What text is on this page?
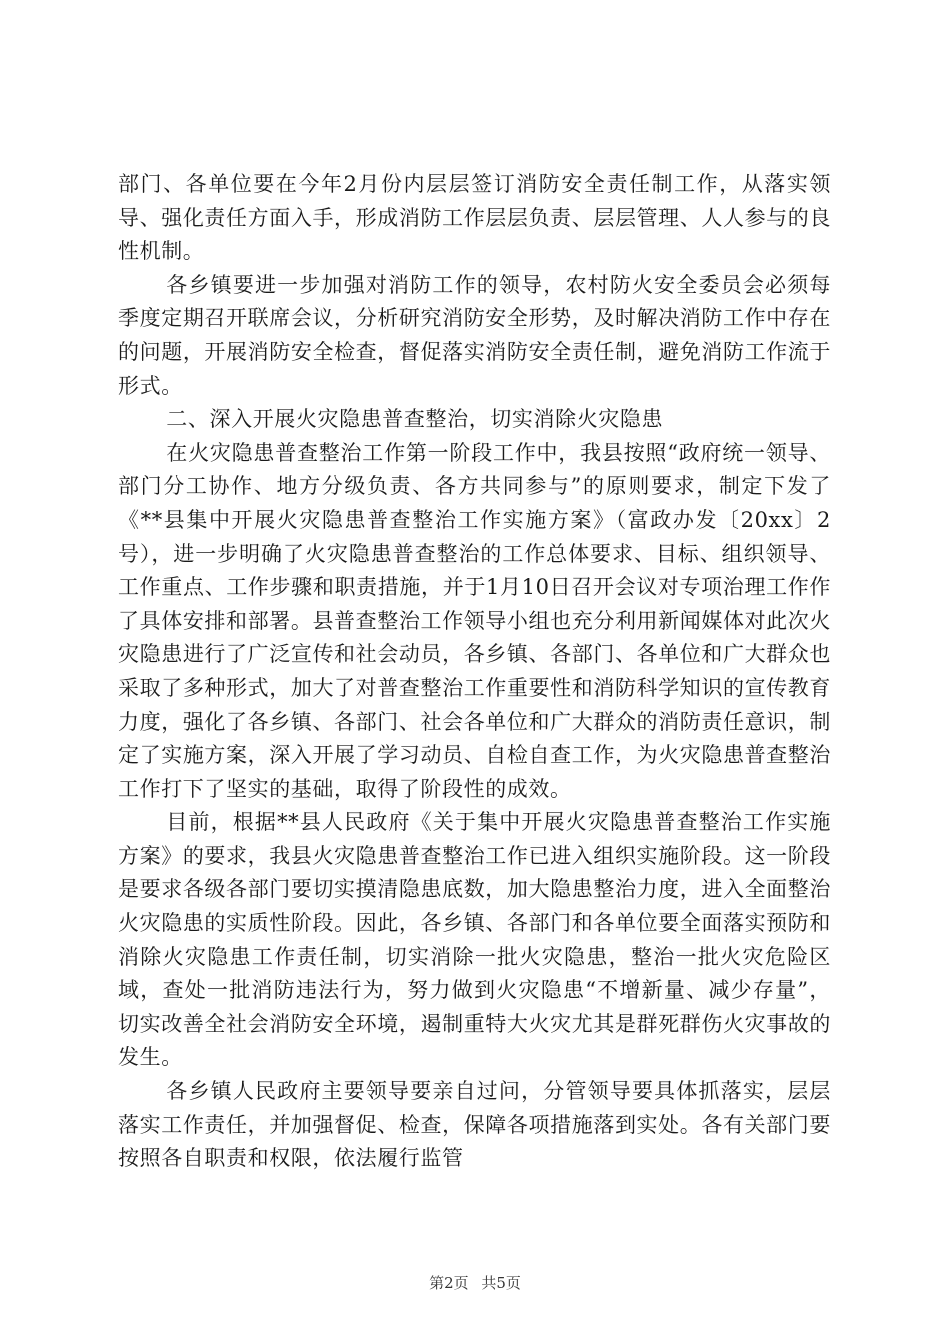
部门、各单位要在今年2月份内层层签订消防安全责任制工作，从落实领导、强化责任方面入手，形成消防工作层层负责、层层管理、人人参与的良性机制。

各乡镇要进一步加强对消防工作的领导，农村防火安全委员会必须每季度定期召开联席会议，分析研究消防安全形势，及时解决消防工作中存在的问题，开展消防安全检查，督促落实消防安全责任制，避免消防工作流于形式。

二、深入开展火灾隐患普查整治，切实消除火灾隐患

在火灾隐患普查整治工作第一阶段工作中，我县按照“政府统一领导、部门分工协作、地方分级负责、各方共同参与”的原则要求，制定下发了《**县集中开展火灾隐患普查整治工作实施方案》（富政办发〔20xx〕2号），进一步明确了火灾隐患普查整治的工作总体要求、目标、组织领导、工作重点、工作步骤和职责措施，并于1月10日召开会议对专项治理工作作了具体安排和部署。县普查整治工作领导小组也充分利用新闻媒体对此次火灾隐患进行了广泛宣传和社会动员，各乡镇、各部门、各单位和广大群众也采取了多种形式，加大了对普查整治工作重要性和消防科学知识的宣传教育力度，强化了各乡镇、各部门、社会各单位和广大群众的消防责任意识，制定了实施方案，深入开展了学习动员、自检自查工作，为火灾隐患普查整治工作打下了坚实的基础，取得了阶段性的成效。

目前，根据**县人民政府《关于集中开展火灾隐患普查整治工作实施方案》的要求，我县火灾隐患普查整治工作已进入组织实施阶段。这一阶段是要求各级各部门要切实摸清隐患底数，加大隐患整治力度，进入全面整治火灾隐患的实质性阶段。因此，各乡镇、各部门和各单位要全面落实预防和消除火灾隐患工作责任制，切实消除一批火灾隐患，整治一批火灾危险区域，查处一批消防违法行为，努力做到火灾隐患“不增新量、减少存量”，切实改善全社会消防安全环境，遏制重特大火灾尤其是群死群伤火灾事故的发生。

各乡镇人民政府主要领导要亲自过问，分管领导要具体抓落实，层层落实工作责任，并加强督促、检查，保障各项措施落到实处。各有关部门要按照各自职责和权限，依法履行监管

第2页 共5页
